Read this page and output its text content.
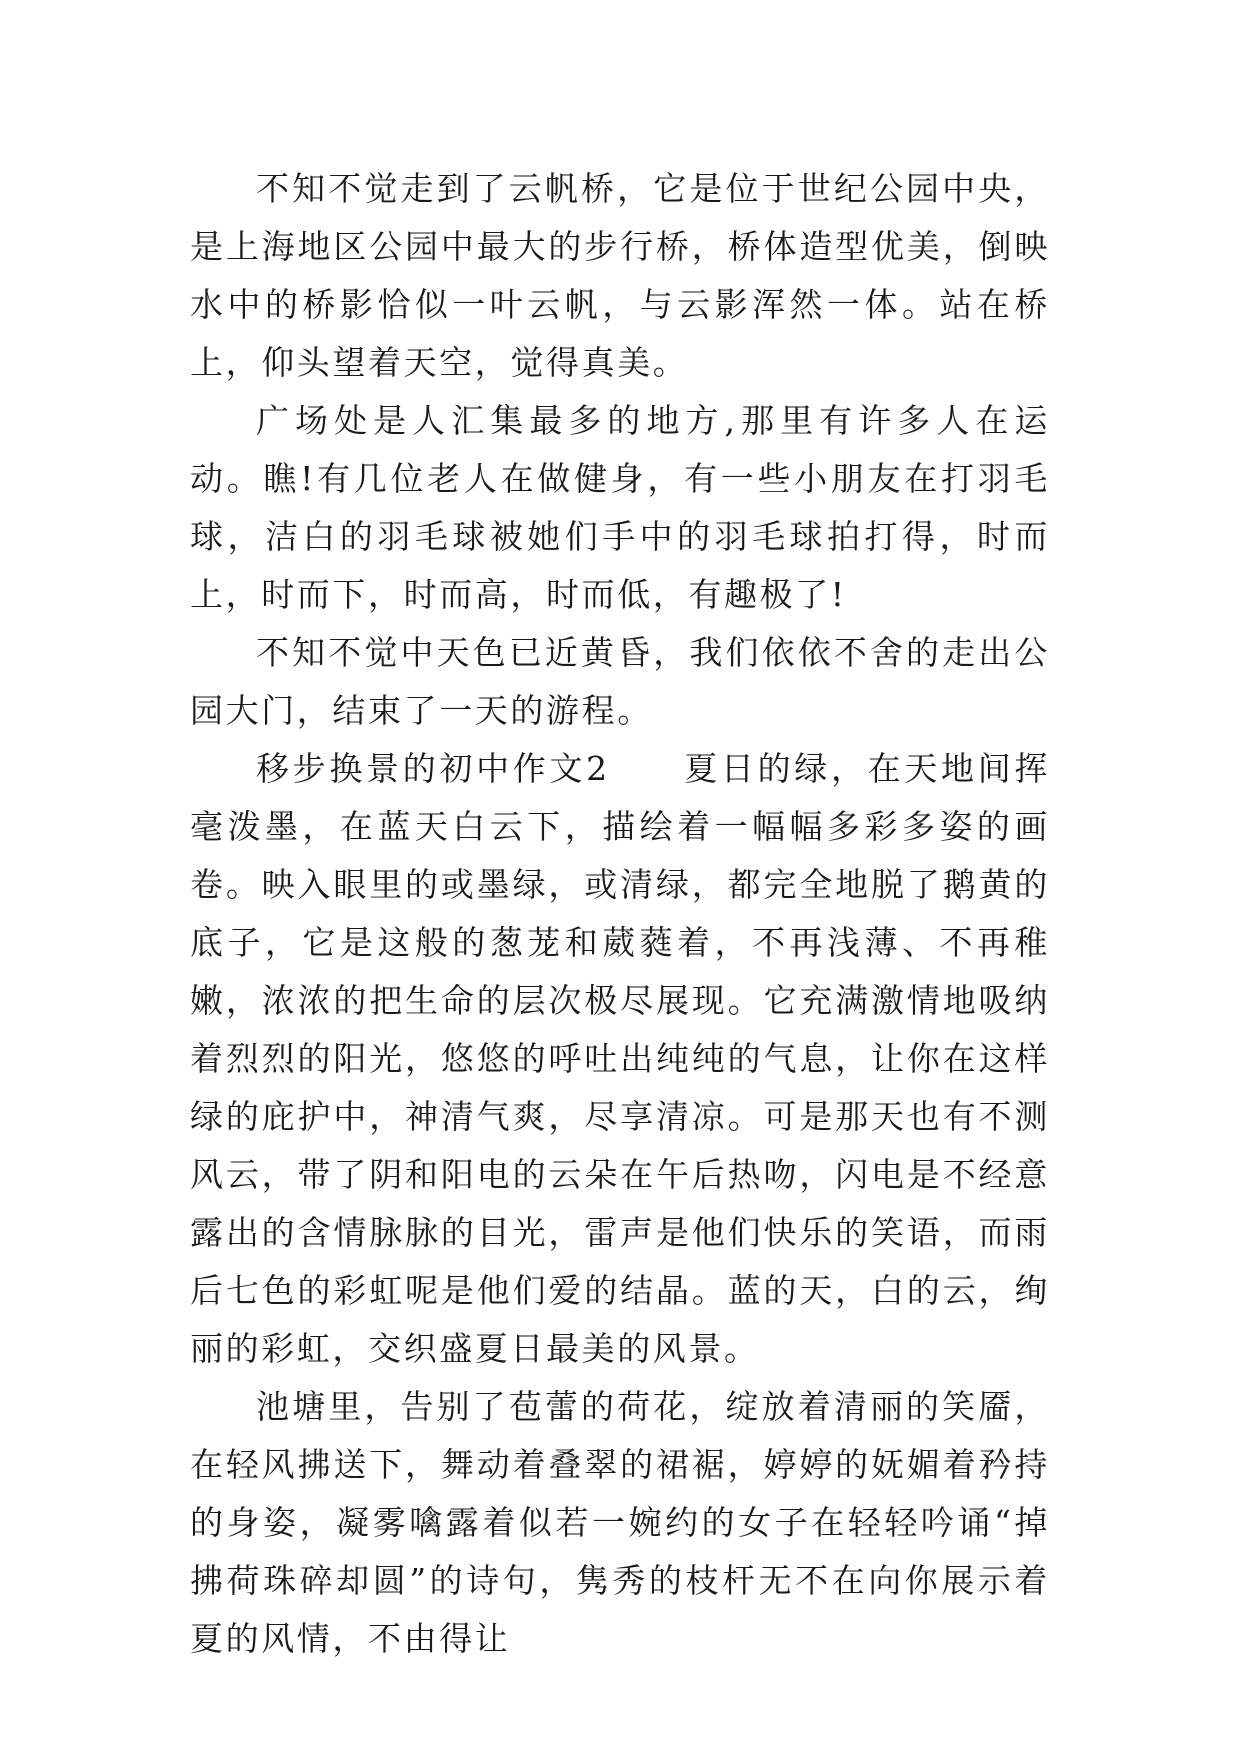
不知不觉走到了云帆桥，它是位于世纪公园中央，是上海地区公园中最大的步行桥，桥体造型优美，倒映水中的桥影恰似一叶云帆，与云影浑然一体。站在桥上，仰头望着天空，觉得真美。

广场处是人汇集最多的地方,那里有许多人在运动。瞧!有几位老人在做健身，有一些小朋友在打羽毛球，洁白的羽毛球被她们手中的羽毛球拍打得，时而上，时而下，时而高，时而低，有趣极了!

不知不觉中天色已近黄昏，我们依依不舍的走出公园大门，结束了一天的游程。

移步换景的初中作文2　　夏日的绿，在天地间挥毫泼墨，在蓝天白云下，描绘着一幅幅多彩多姿的画卷。映入眼里的或墨绿，或清绿，都完全地脱了鹅黄的底子，它是这般的葱茏和葳蕤着，不再浅薄、不再稚嫩，浓浓的把生命的层次极尽展现。它充满激情地吸纳着烈烈的阳光，悠悠的呼吐出纯纯的气息，让你在这样绿的庇护中，神清气爽，尽享清凉。可是那天也有不测风云，带了阴和阳电的云朵在午后热吻，闪电是不经意露出的含情脉脉的目光，雷声是他们快乐的笑语，而雨后七色的彩虹呢是他们爱的结晶。蓝的天，白的云，绚丽的彩虹，交织盛夏日最美的风景。

池塘里，告别了苞蕾的荷花，绽放着清丽的笑靥，在轻风拂送下，舞动着叠翠的裙裾，婷婷的妩媚着矜持的身姿，凝雾噙露着似若一婉约的女子在轻轻吟诵“掉拂荷珠碎却圆”的诗句，隽秀的枝杆无不在向你展示着夏的风情，不由得让
